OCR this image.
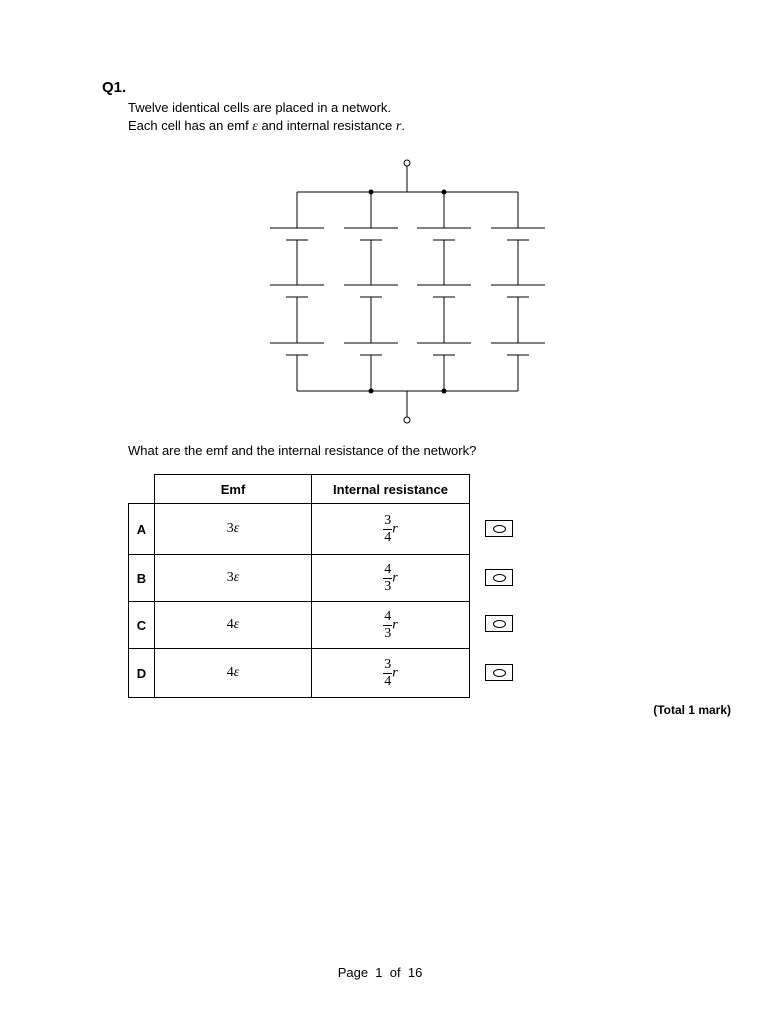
Q1.
Twelve identical cells are placed in a network.
Each cell has an emf ε and internal resistance r.
What are the emf and the internal resistance of the network?
	Emf	Internal resistance
A	3ε	$\frac{3}{4}$ r
B	3ε	$\frac{4}{3}$ r
C	4ε	$\frac{4}{3}$ r
D	4ε	$\frac{3}{4}$ r
(Total 1 mark)
Page 1 of 16
